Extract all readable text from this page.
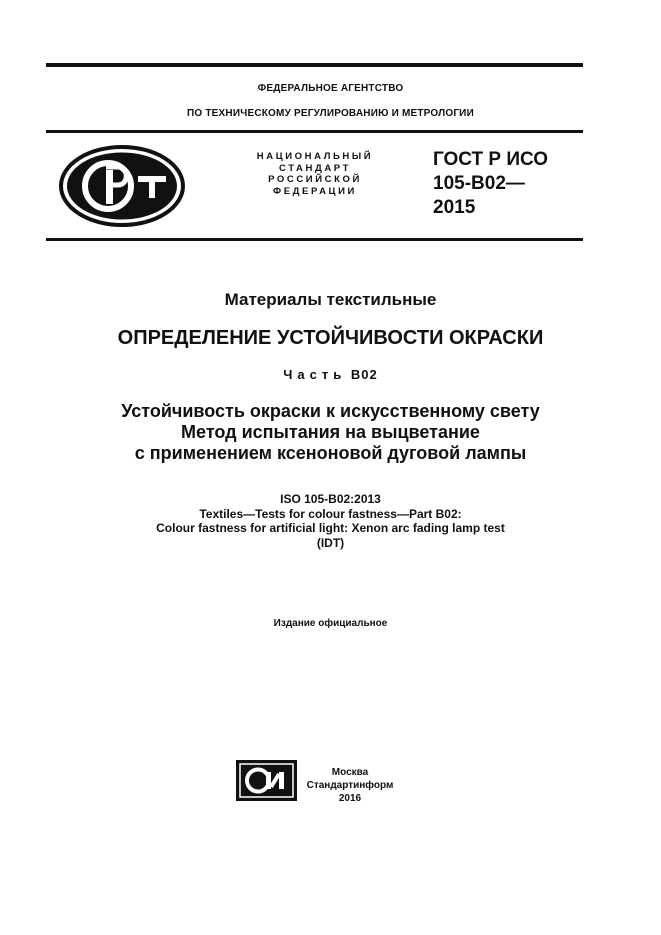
ФЕДЕРАЛЬНОЕ АГЕНТСТВО
ПО ТЕХНИЧЕСКОМУ РЕГУЛИРОВАНИЮ И МЕТРОЛОГИИ
НАЦИОНАЛЬНЫЙ
СТАНДАРТ
РОССИЙСКОЙ
ФЕДЕРАЦИИ
ГОСТ Р ИСО
105-В02—
2015
Материалы текстильные
ОПРЕДЕЛЕНИЕ УСТОЙЧИВОСТИ ОКРАСКИ
Часть В02
Устойчивость окраски к искусственному свету
Метод испытания на выцветание
с применением ксеноновой дуговой лампы
ISO 105-B02:2013
Textiles—Tests for colour fastness—Part B02:
Colour fastness for artificial light: Xenon arc fading lamp test
(IDT)
Издание официальное
Москва
Стандартинформ
2016
